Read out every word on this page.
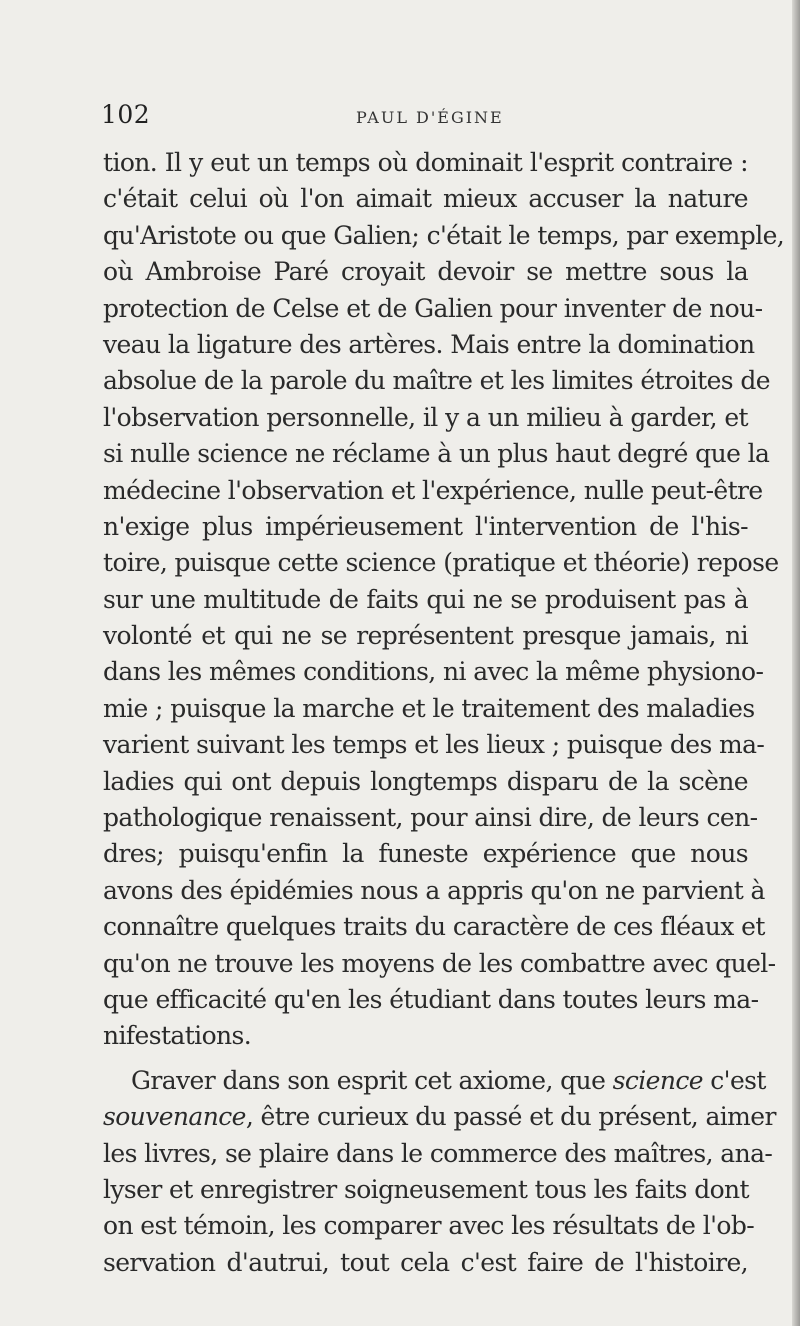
102	PAUL D'ÉGINE
tion. Il y eut un temps où dominait l'esprit contraire :
c'était celui où l'on aimait mieux accuser la nature
qu'Aristote ou que Galien; c'était le temps, par exemple,
où Ambroise Paré croyait devoir se mettre sous la
protection de Celse et de Galien pour inventer de nou-
veau la ligature des artères. Mais entre la domination
absolue de la parole du maître et les limites étroites de
l'observation personnelle, il y a un milieu à garder, et
si nulle science ne réclame à un plus haut degré que la
médecine l'observation et l'expérience, nulle peut-être
n'exige plus impérieusement l'intervention de l'his-
toire, puisque cette science (pratique et théorie) repose
sur une multitude de faits qui ne se produisent pas à
volonté et qui ne se représentent presque jamais, ni
dans les mêmes conditions, ni avec la même physiono-
mie ; puisque la marche et le traitement des maladies
varient suivant les temps et les lieux ; puisque des ma-
ladies qui ont depuis longtemps disparu de la scène
pathologique renaissent, pour ainsi dire, de leurs cen-
dres; puisqu'enfin la funeste expérience que nous
avons des épidémies nous a appris qu'on ne parvient à
connaître quelques traits du caractère de ces fléaux et
qu'on ne trouve les moyens de les combattre avec quel-
que efficacité qu'en les étudiant dans toutes leurs ma-
nifestations.
Graver dans son esprit cet axiome, que science c'est
souvenance, être curieux du passé et du présent, aimer
les livres, se plaire dans le commerce des maîtres, ana-
lyser et enregistrer soigneusement tous les faits dont
on est témoin, les comparer avec les résultats de l'ob-
servation d'autrui, tout cela c'est faire de l'histoire,
